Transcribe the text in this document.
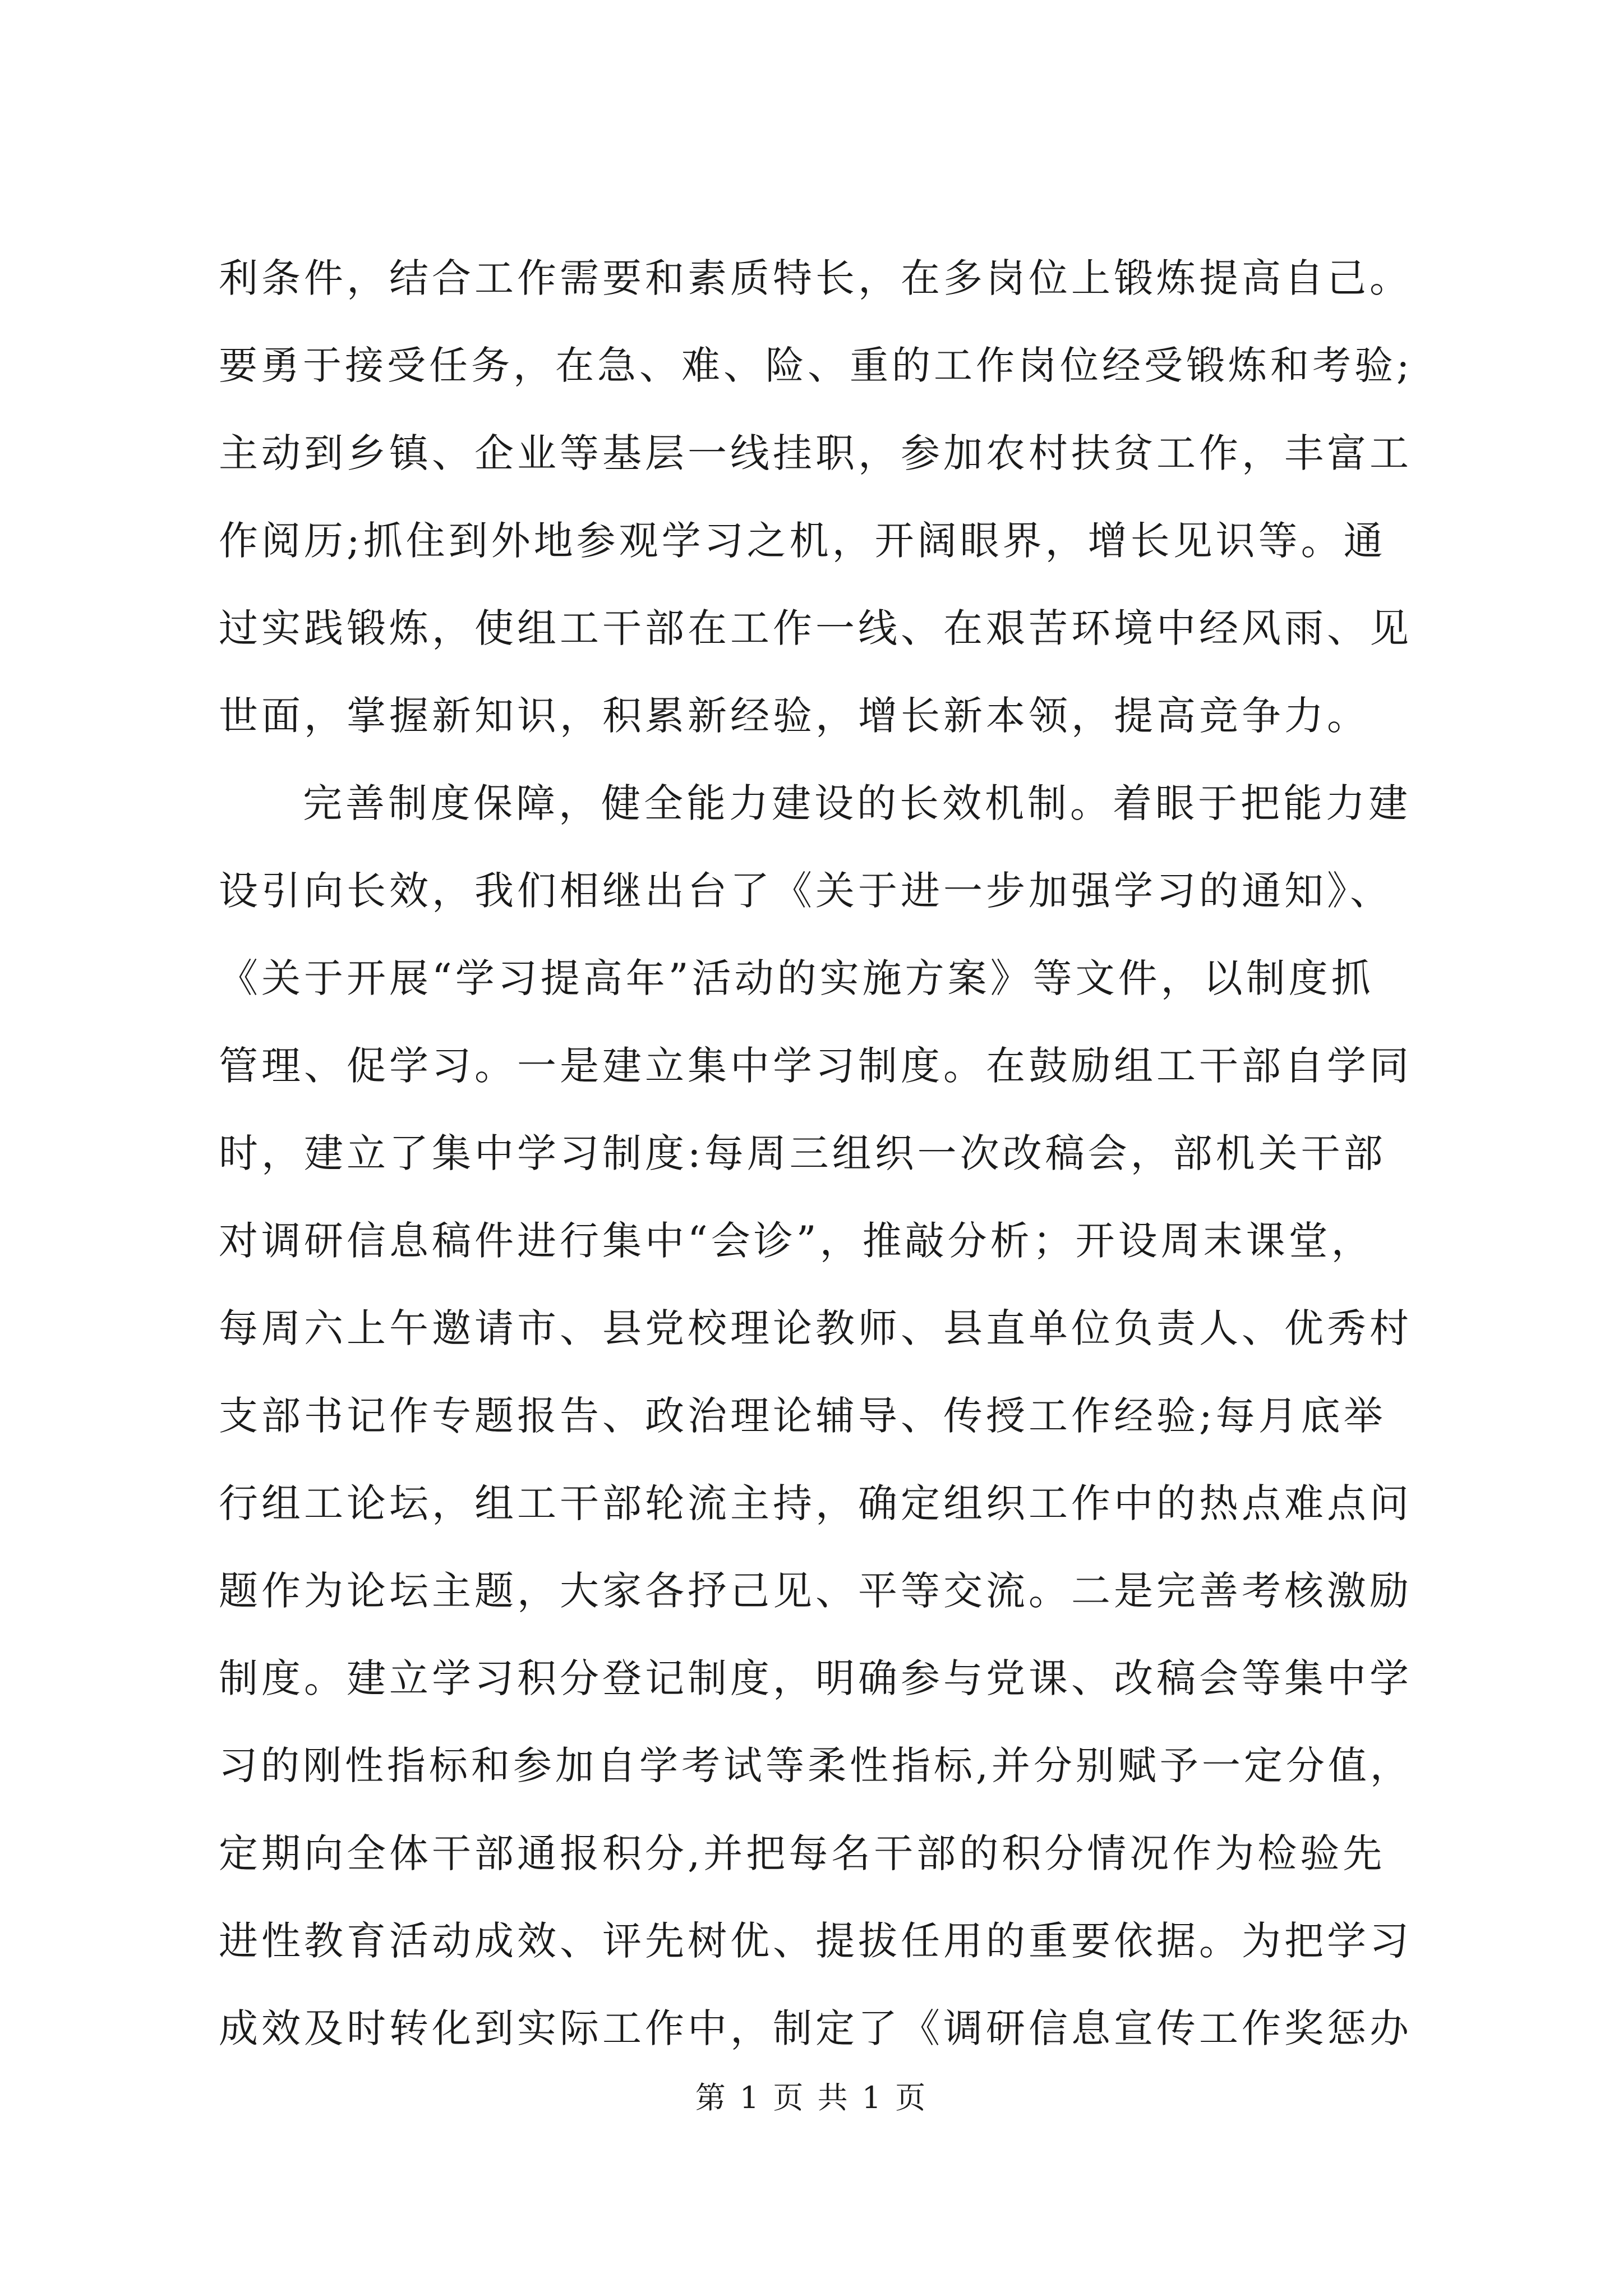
利条件，结合工作需要和素质特长，在多岗位上锻炼提高自己。
要勇于接受任务，在急、难、险、重的工作岗位经受锻炼和考验;
主动到乡镇、企业等基层一线挂职，参加农村扶贫工作，丰富工
作阅历;抓住到外地参观学习之机，开阔眼界，增长见识等。通
过实践锻炼，使组工干部在工作一线、在艰苦环境中经风雨、见
世面，掌握新知识，积累新经验，增长新本领，提高竞争力。
完善制度保障，健全能力建设的长效机制。着眼于把能力建
设引向长效，我们相继出台了《关于进一步加强学习的通知》、
《关于开展“学习提高年”活动的实施方案》等文件，以制度抓
管理、促学习。一是建立集中学习制度。在鼓励组工干部自学同
时，建立了集中学习制度:每周三组织一次改稿会，部机关干部
对调研信息稿件进行集中“会诊”，推敲分析；开设周末课堂，
每周六上午邀请市、县党校理论教师、县直单位负责人、优秀村
支部书记作专题报告、政治理论辅导、传授工作经验;每月底举
行组工论坛，组工干部轮流主持，确定组织工作中的热点难点问
题作为论坛主题，大家各抒己见、平等交流。二是完善考核激励
制度。建立学习积分登记制度，明确参与党课、改稿会等集中学
习的刚性指标和参加自学考试等柔性指标,并分别赋予一定分值，
定期向全体干部通报积分,并把每名干部的积分情况作为检验先
进性教育活动成效、评先树优、提拔任用的重要依据。为把学习
成效及时转化到实际工作中，制定了《调研信息宣传工作奖惩办
第 1 页 共 1 页
